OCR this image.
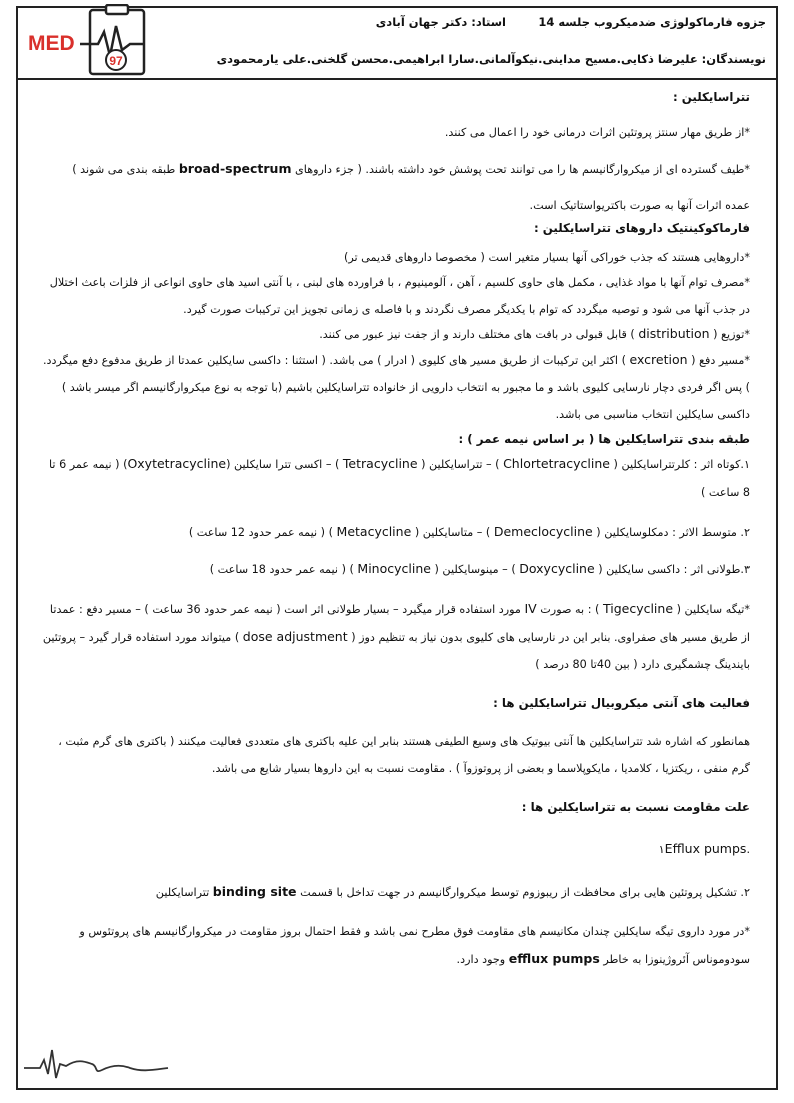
جزوه فارماکولوژی ضدمیکروب جلسه 14
استاد: دکتر جهان آبادی
نویسندگان: علیرضا ذکایی.مسیح مداینی.نیکوآلمانی.سارا ابراهیمی.محسن گلخنی.علی یارمحمودی
MED
97

تتراسایکلین :

*از طریق مهار سنتز پروتئین اثرات درمانی خود را اعمال می کنند.

*طیف گسترده ای از میکروارگانیسم ها را می توانند تحت پوشش خود داشته باشند. ( جزء داروهای broad-spectrum طبقه بندی می شوند )

عمده اثرات آنها به صورت باکتریواستاتیک است.

فارماکوکینتیک داروهای تتراسایکلین :

*داروهایی هستند که جذب خوراکی آنها بسیار متغیر است ( مخصوصا داروهای قدیمی تر)

*مصرف توام آنها با مواد غذایی ، مکمل های حاوی کلسیم ، آهن ، آلومینیوم ، با فراورده های لبنی ، با آنتی اسید های حاوی انواعی از فلزات باعث اختلال در جذب آنها می شود و توصیه میگردد که توام با یکدیگر مصرف نگردند و با فاصله ی زمانی تجویز این ترکیبات صورت گیرد.

*توزیع ( distribution ) قابل قبولی در بافت های مختلف دارند و از جفت نیز عبور می کنند.

*مسیر دفع ( excretion ) اکثر این ترکیبات از طریق مسیر های کلیوی ( ادرار ) می باشد. ( استثنا : داکسی سایکلین عمدتا از طریق مدفوع دفع میگردد. ) پس اگر فردی دچار نارسایی کلیوی باشد و ما مجبور به انتخاب دارویی از خانواده تتراسایکلین باشیم (با توجه به نوع میکروارگانیسم اگر میسر باشد ) داکسی سایکلین انتخاب مناسبی می باشد.

طبقه بندی تتراسایکلین ها ( بر اساس نیمه عمر ) :

۱.کوتاه اثر : کلرتتراسایکلین ( Chlortetracycline ) – تتراسایکلین ( Tetracycline ) – اکسی تترا سایکلین (Oxytetracycline) ( نیمه عمر 6 تا 8 ساعت )

۲. متوسط الاثر : دمکلوسایکلین ( Demeclocycline ) – متاسایکلین ( Metacycline ) ( نیمه عمر حدود 12 ساعت )

۳.طولانی اثر : داکسی سایکلین ( Doxycycline ) – مینوسایکلین ( Minocycline ) ( نیمه عمر حدود 18 ساعت )

*تیگه سایکلین ( Tigecycline ) : به صورت IV مورد استفاده قرار میگیرد – بسیار طولانی اثر است ( نیمه عمر حدود 36 ساعت ) – مسیر دفع : عمدتا از طریق مسیر های صفراوی. بنابر این در نارسایی های کلیوی بدون نیاز به تنظیم دوز ( dose adjustment ) میتواند مورد استفاده قرار گیرد – پروتئین بایندینگ چشمگیری دارد ( بین 40تا 80 درصد )

فعالیت های آنتی میکروبیال تتراسایکلین ها :

همانطور که اشاره شد تتراسایکلین ها آنتی بیوتیک های وسیع الطیفی هستند بنابر این علیه باکتری های متعددی فعالیت میکنند ( باکتری های گرم مثبت ، گرم منفی ، ریکتزیا ، کلامدیا ، مایکوپلاسما و بعضی از پروتوزوآ ) . مقاومت نسبت به این داروها بسیار شایع می باشد.

علت مقاومت نسبت به تتراسایکلین ها :

.۱Efflux pumps

۲. تشکیل پروتئین هایی برای محافظت از ریبوزوم توسط میکروارگانیسم در جهت تداخل با قسمت binding site تتراسایکلین

*در مورد داروی تیگه سایکلین چندان مکانیسم های مقاومت فوق مطرح نمی باشد و فقط احتمال بروز مقاومت در میکروارگانیسم های پروتئوس و سودوموناس آئروژینوزا به خاطر efflux pumps وجود دارد.
